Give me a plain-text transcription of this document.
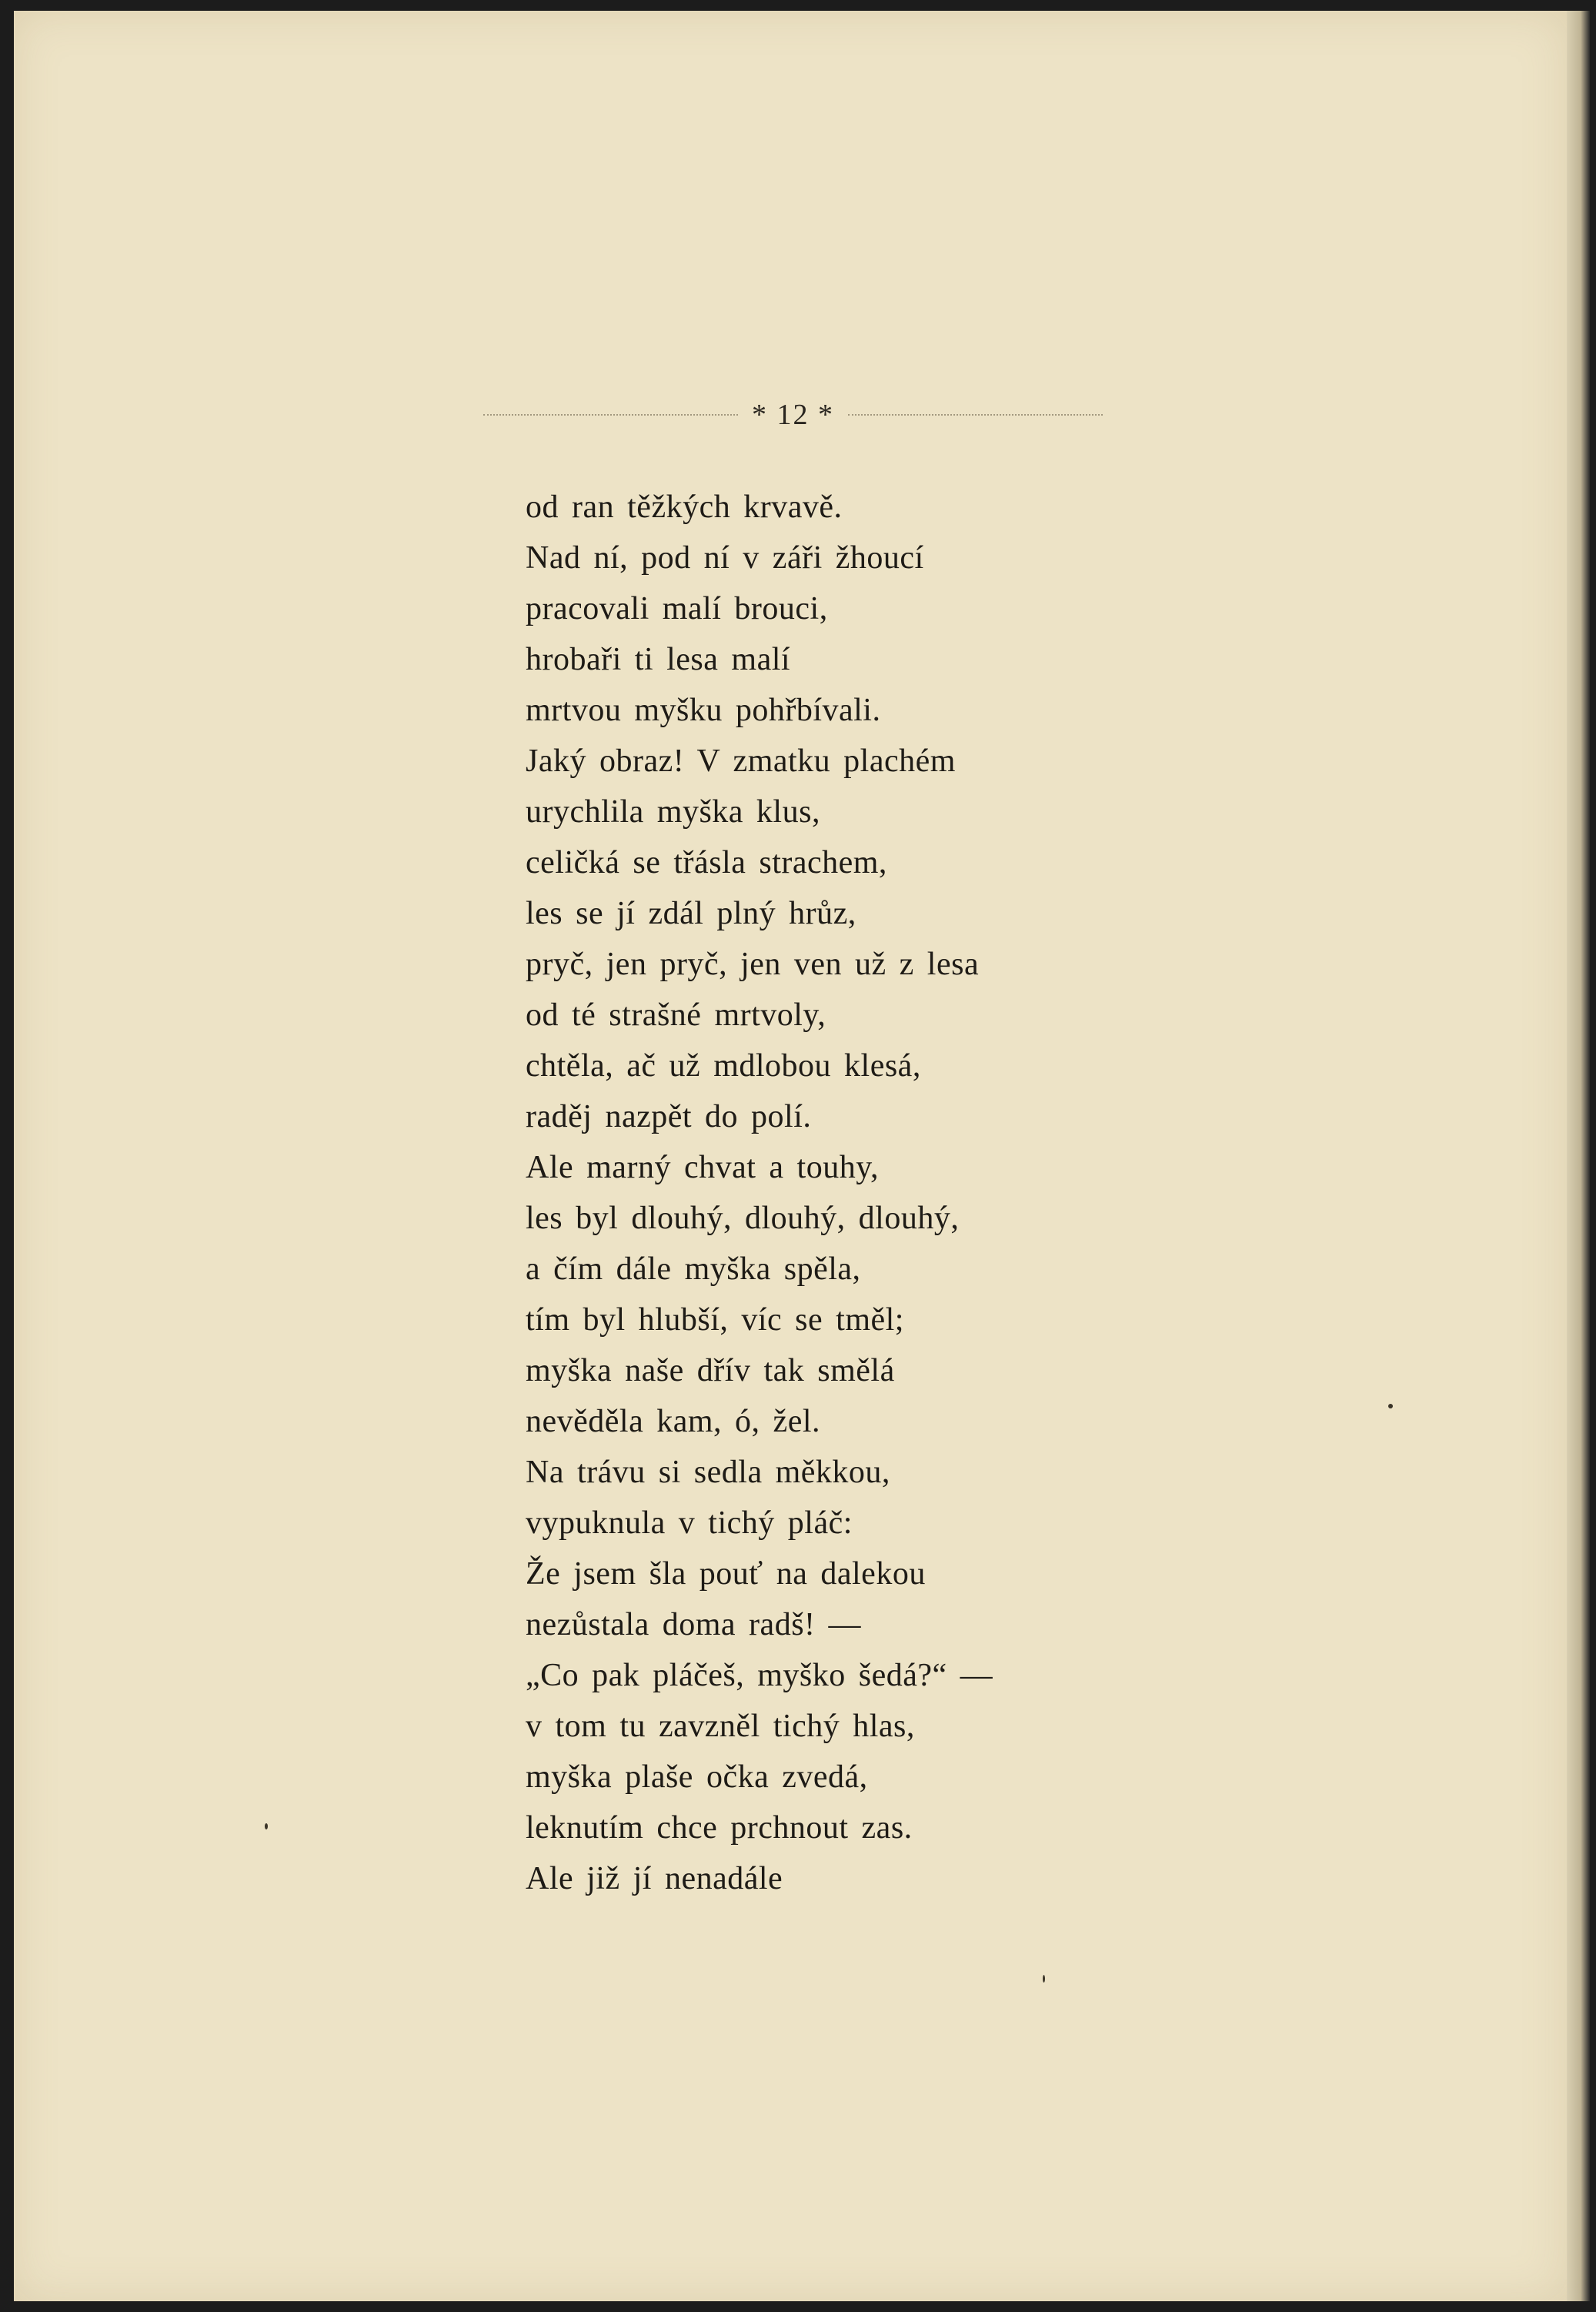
* 12 *
od ran těžkých krvavě.
Nad ní, pod ní v záři žhoucí
pracovali malí brouci,
hrobaři ti lesa malí
mrtvou myšku pohřbívali.
Jaký obraz! V zmatku plachém
urychlila myška klus,
celičká se třásla strachem,
les se jí zdál plný hrůz,
pryč, jen pryč, jen ven už z lesa
od té strašné mrtvoly,
chtěla, ač už mdlobou klesá,
raděj nazpět do polí.
Ale marný chvat a touhy,
les byl dlouhý, dlouhý, dlouhý,
a čím dále myška spěla,
tím byl hlubší, víc se tměl;
myška naše dřív tak smělá
nevěděla kam, ó, žel.
Na trávu si sedla měkkou,
vypuknula v tichý pláč:
Že jsem šla pouť na dalekou
nezůstala doma radš! —
„Co pak pláčeš, myško šedá?“ —
v tom tu zavzněl tichý hlas,
myška plaše očka zvedá,
leknutím chce prchnout zas.
Ale již jí nenadále
